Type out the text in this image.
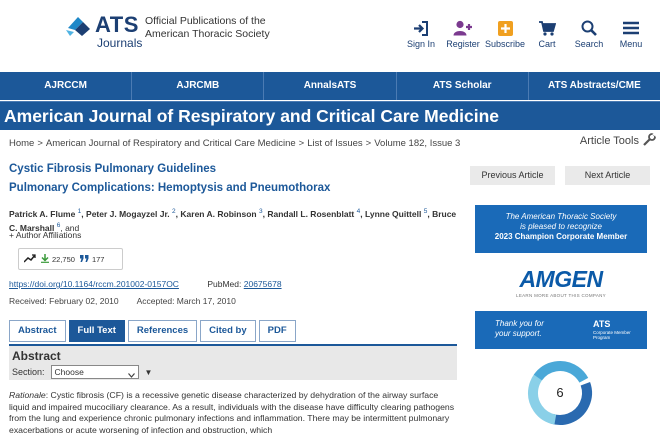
ATS
Journals
Official Publications of the
American Thoracic Society
Sign In	Register Subscribe	Cart	Search	Menu
AJRCCM	AJRCMB	AnnalsATS	ATS Scholar	ATS Abstracts/CME
American Journal of Respiratory and Critical Care Medicine
Home > American Journal of Respiratory and Critical Care Medicine > List of Issues > Volume 182, Issue 3	Article Tools
Cystic Fibrosis Pulmonary Guidelines
Pulmonary Complications: Hemoptysis and Pneumothorax
Patrick A. Flume $^1$, Peter J. Mogayzel Jr. $^2$, Karen A. Robinson $^3$, Randall L. Rosenblatt $^4$, Lynne Quittell $^5$, Bruce C. Marshall $^6$, and
+ Author Affiliations
22,750 177
https://doi.org/10.1164/rccm.201002-0157OC	PubMed: 20675678
Received: February 02, 2010 Accepted: March 17, 2010
Abstract	Full Text	References	Cited by	PDF
Abstract
Section:	Choose	▼
Rationale: Cystic fibrosis (CF) is a recessive genetic disease characterized by dehydration of the airway surface liquid and impaired mucociliary clearance. As a result, individuals with the disease have difficulty clearing pathogens from the lung and experience chronic pulmonary infections and inflammation. There may be intermittent pulmonary exacerbations or acute worsening of infection and obstruction, which
Previous Article	Next Article
The American Thoracic Society
is pleased to recognize
2023 Champion Corporate Member
AMGEN
LEARN MORE ABOUT THIS COMPANY
Thank you for
your support.
ATS
Corporate Member Program
6
